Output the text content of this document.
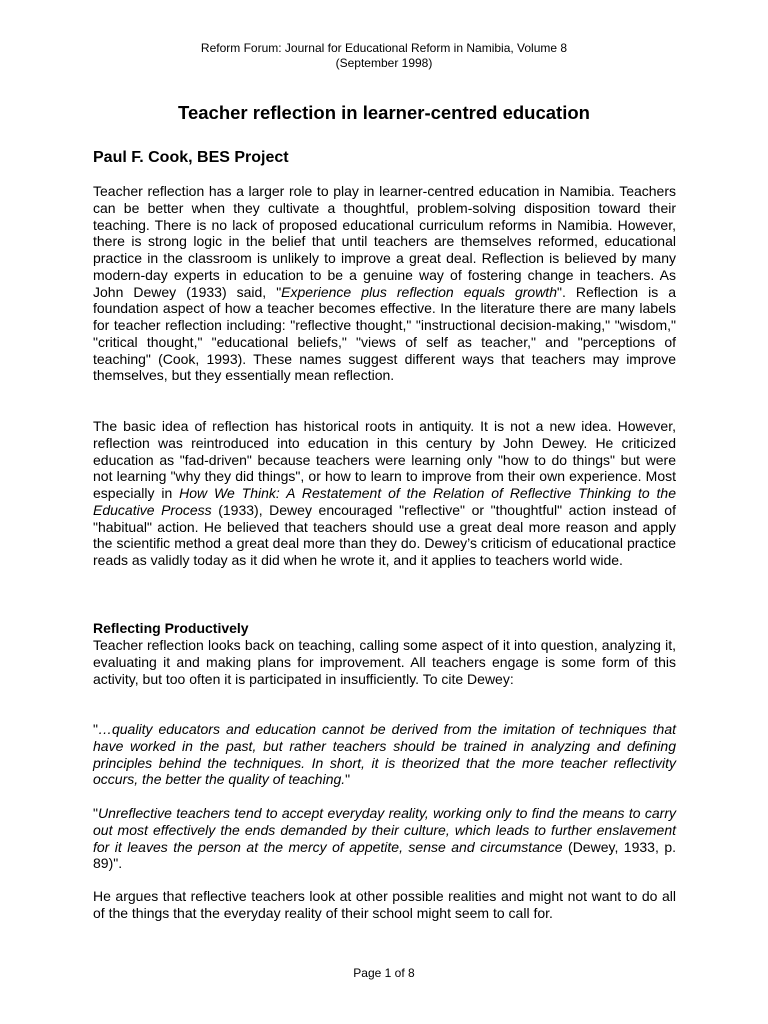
Reform Forum: Journal for Educational Reform in Namibia, Volume 8
(September 1998)
Teacher reflection in learner-centred education
Paul F. Cook, BES Project

Teacher reflection has a larger role to play in learner-centred education in Namibia. Teachers can be better when they cultivate a thoughtful, problem-solving disposition toward their teaching. There is no lack of proposed educational curriculum reforms in Namibia. However, there is strong logic in the belief that until teachers are themselves reformed, educational practice in the classroom is unlikely to improve a great deal. Reflection is believed by many modern-day experts in education to be a genuine way of fostering change in teachers. As John Dewey (1933) said, "Experience plus reflection equals growth". Reflection is a foundation aspect of how a teacher becomes effective. In the literature there are many labels for teacher reflection including: "reflective thought," "instructional decision-making," "wisdom," "critical thought," "educational beliefs," "views of self as teacher," and "perceptions of teaching" (Cook, 1993). These names suggest different ways that teachers may improve themselves, but they essentially mean reflection.

The basic idea of reflection has historical roots in antiquity. It is not a new idea. However, reflection was reintroduced into education in this century by John Dewey. He criticized education as "fad-driven" because teachers were learning only "how to do things" but were not learning "why they did things", or how to learn to improve from their own experience. Most especially in How We Think: A Restatement of the Relation of Reflective Thinking to the Educative Process (1933), Dewey encouraged "reflective" or "thoughtful" action instead of "habitual" action. He believed that teachers should use a great deal more reason and apply the scientific method a great deal more than they do. Dewey’s criticism of educational practice reads as validly today as it did when he wrote it, and it applies to teachers world wide.

Reflecting Productively

Teacher reflection looks back on teaching, calling some aspect of it into question, analyzing it, evaluating it and making plans for improvement. All teachers engage is some form of this activity, but too often it is participated in insufficiently. To cite Dewey:

"…quality educators and education cannot be derived from the imitation of techniques that have worked in the past, but rather teachers should be trained in analyzing and defining principles behind the techniques. In short, it is theorized that the more teacher reflectivity occurs, the better the quality of teaching."

"Unreflective teachers tend to accept everyday reality, working only to find the means to carry out most effectively the ends demanded by their culture, which leads to further enslavement for it leaves the person at the mercy of appetite, sense and circumstance (Dewey, 1933, p. 89)".

He argues that reflective teachers look at other possible realities and might not want to do all of the things that the everyday reality of their school might seem to call for.

Page 1 of 8
